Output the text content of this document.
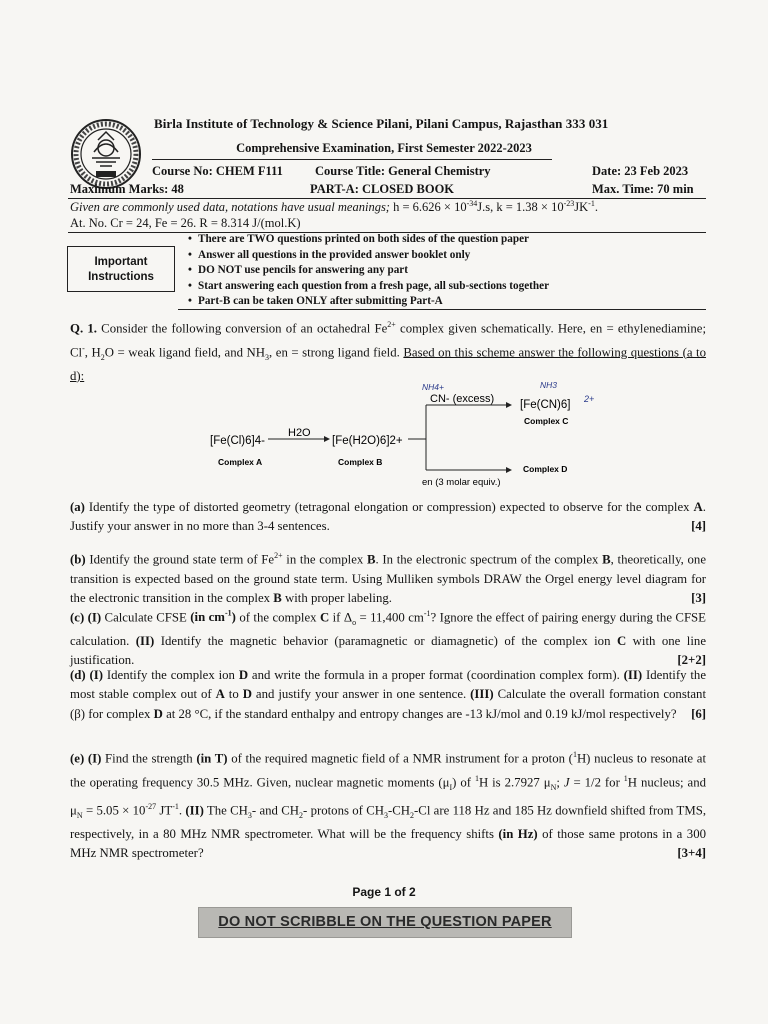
Birla Institute of Technology & Science Pilani, Pilani Campus, Rajasthan 333 031
Comprehensive Examination, First Semester 2022-2023
Course No: CHEM F111	Course Title: General Chemistry	Date: 23 Feb 2023
Maximum Marks: 48	PART-A: CLOSED BOOK	Max. Time: 70 min
Given are commonly used data, notations have usual meanings; $h = 6.626 \times 10^{-34}J.s$, $k = 1.38 \times 10^{-23}JK^{-1}$.
At. No. Cr = 24, Fe = 26. R = 8.314 J/(mol.K)
Important
Instructions
• There are TWO questions printed on both sides of the question paper
• Answer all questions in the provided answer booklet only
• DO NOT use pencils for answering any part
• Start answering each question from a fresh page, all sub-sections together
• Part-B can be taken ONLY after submitting Part-A
Q. 1. Consider the following conversion of an octahedral $Fe^{2+}$ complex given schematically. Here, en = ethylenediamine; Cl-, $H_2O$ = weak ligand field, and $NH_3$, en = strong ligand field. Based on this scheme answer the following questions (a to d):
[Fe(Cl)6]4-
Complex A
H2O
[Fe(H2O)6]2+
Complex B
NH4+
CN- (excess)
NH3
[Fe(CN)6] 2+
Complex C
Complex D
en (3 molar equiv.)
(a) Identify the type of distorted geometry (tetragonal elongation or compression) expected to observe for the complex A. Justify your answer in no more than 3-4 sentences.	[4]
(b) Identify the ground state term of $Fe^{2+}$ in the complex B. In the electronic spectrum of the complex B, theoretically, one transition is expected based on the ground state term. Using Mulliken symbols DRAW the Orgel energy level diagram for the electronic transition in the complex B with proper labeling.	[3]
(c) (I) Calculate CFSE (in $cm^{-1}$) of the complex C if $\Delta_o = 11,400$ $cm^{-1}$? Ignore the effect of pairing energy during the CFSE calculation. (II) Identify the magnetic behavior (paramagnetic or diamagnetic) of the complex ion C with one line justification.	[2+2]
(d) (I) Identify the complex ion D and write the formula in a proper format (coordination complex form). (II) Identify the most stable complex out of A to D and justify your answer in one sentence. (III) Calculate the overall formation constant (β) for complex D at 28 °C, if the standard enthalpy and entropy changes are -13 kJ/mol and 0.19 kJ/mol respectively? [6]
(e) (I) Find the strength (in T) of the required magnetic field of a NMR instrument for a proton ($^1$H) nucleus to resonate at the operating frequency 30.5 MHz. Given, nuclear magnetic moments $(\mu_I)$ of $^1$H is 2.7927 $\mu_N$; J = 1/2 for $^1$H nucleus; and $\mu_N = 5.05 \times 10^{-27}$ $JT^{-1}$. (II) The $CH_3-$ and $CH_2-$ protons of $CH_3-CH_2-Cl$ are 118 Hz and 185 Hz downfield shifted from TMS, respectively, in a 80 MHz NMR spectrometer. What will be the frequency shifts (in Hz) of those same protons in a 300 MHz NMR spectrometer?	[3+4]
Page 1 of 2
DO NOT SCRIBBLE ON THE QUESTION PAPER
